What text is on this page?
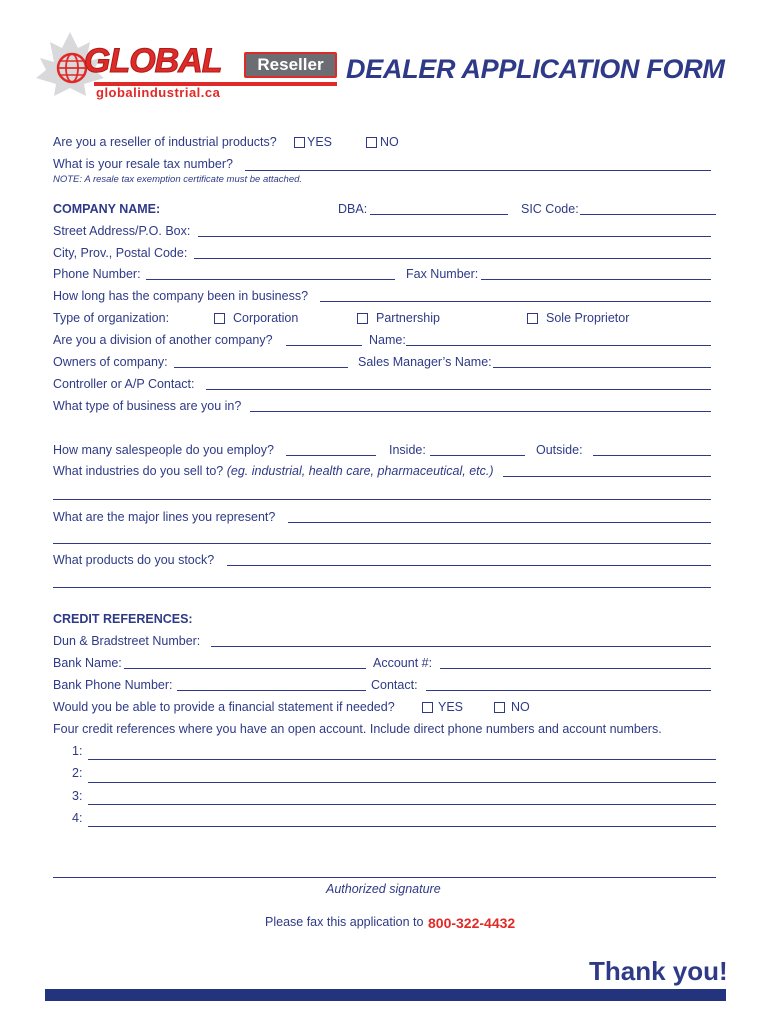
GLOBAL	Reseller
globalindustrial.ca
DEALER APPLICATION FORM
Are you a reseller of industrial products? YES	NO
What is your resale tax number?
NOTE: A resale tax exemption certificate must be attached.
COMPANY NAME:	DBA:	SIC Code:
Street Address/P.O. Box:
City, Prov., Postal Code:
Phone Number:	Fax Number:
How long has the company been in business?
Type of organization:	Corporation	Partnership	Sole Proprietor
Are you a division of another company?	Name:
Owners of company:	Sales Manager’s Name:
Controller or A/P Contact:
What type of business are you in?
How many salespeople do you employ?	Inside:	Outside:
What industries do you sell to? (eg. industrial, health care, pharmaceutical, etc.)
What are the major lines you represent?
What products do you stock?
CREDIT REFERENCES:
Dun & Bradstreet Number:
Bank Name:	Account #:
Bank Phone Number:	Contact:
Would you be able to provide a financial statement if needed?	YES	NO
Four credit references where you have an open account. Include direct phone numbers and account numbers.
1:
2:
3:
4:
Authorized signature
Please fax this application to 800-322-4432
Thank you!
